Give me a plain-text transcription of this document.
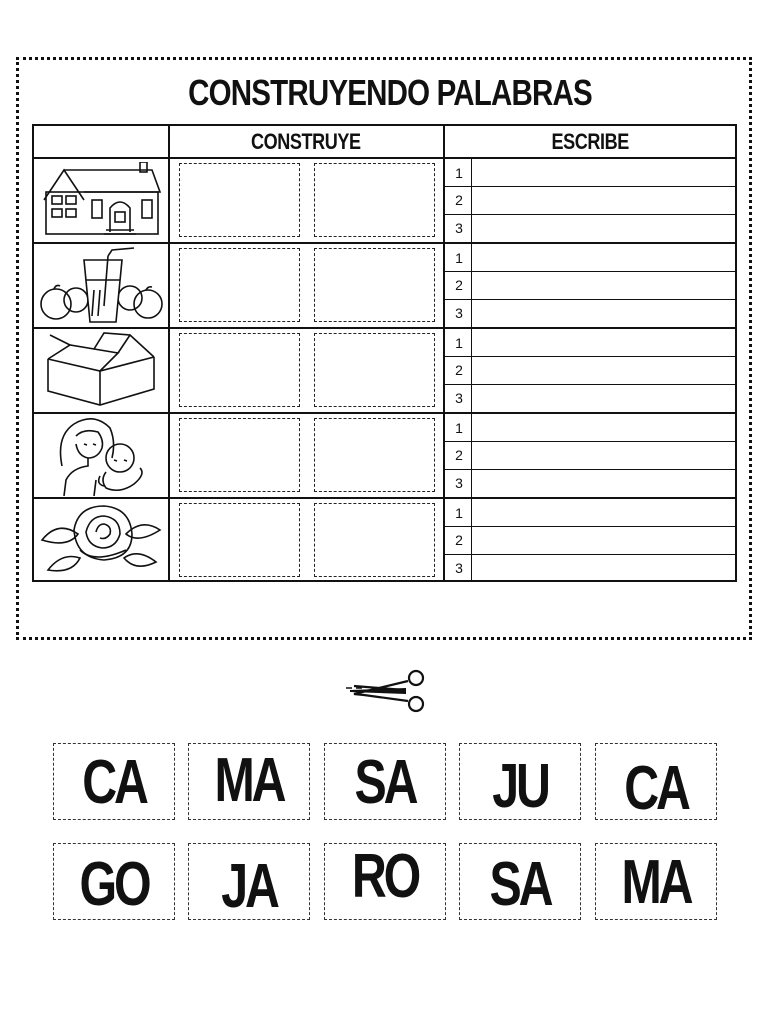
CONSTRUYENDO PALABRAS
CONSTRUYE	ESCRIBE
1
2
3
1
2
3
1
2
3
1
2
3
1
2
3
CA MA SA	JU	CA
GO	JA	RO SA MA
